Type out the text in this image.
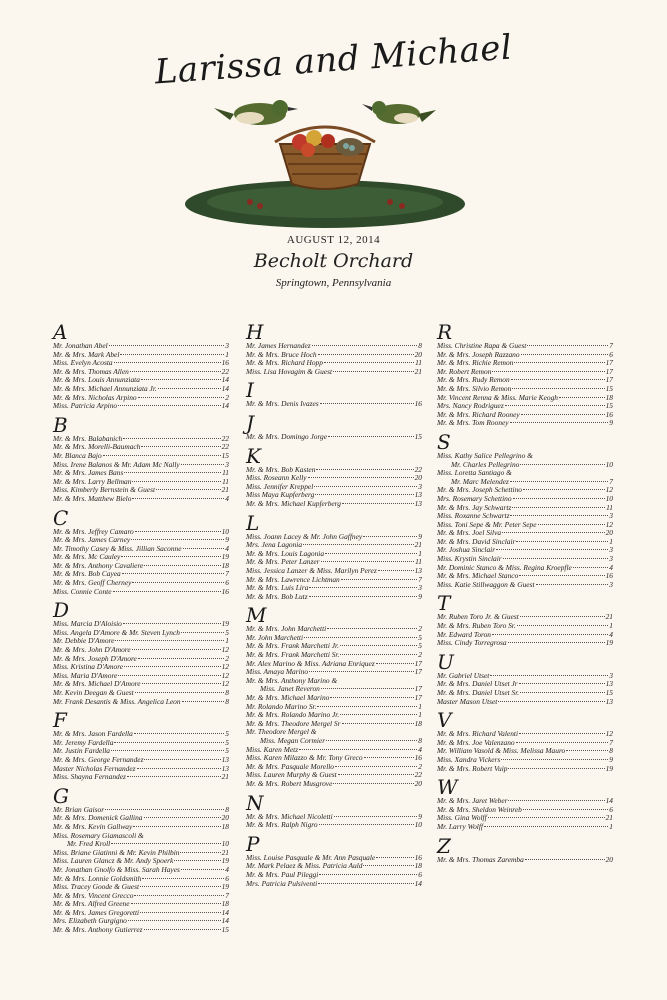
Larissa and Michael
AUGUST 12, 2014
Becholt Orchard
Springtown, Pennsylvania
A
Mr. Jonathan Abel	3
Mr. & Mrs. Mark Abel	1
Miss. Evelyn Acosta	16
Mr. & Mrs. Thomas Allen	22
Mr. & Mrs. Louis Annunziata	14
Mr. & Mrs. Michael Annunziata Jr.	14
Mr. & Mrs. Nicholas Arpino	2
Miss. Patricia Arpino	14
B
Mr. & Mrs. Balabanich	22
Mr. & Mrs. Morelli-Baumach	22
Mr. Blanca Bajo	15
Miss. Irene Balanos & Mr. Adam Mc Nally	3
Mr. & Mrs. James Bans	11
Mr. & Mrs. Larry Bellman	11
Miss. Kimberly Bernstein & Guest	21
Mr. & Mrs. Matthew Bielo	4
C
Mr. & Mrs. Jeffrey Camaro	10
Mr. & Mrs. James Carney	9
Mr. Timothy Casey & Miss. Jillian Saconne	4
Mr. & Mrs. Mc Cauley	19
Mr. & Mrs. Anthony Cavaliere	18
Mr. & Mrs. Bob Cayea	7
Mr. & Mrs. Geoff Cherney	6
Miss. Connie Conte	16
D
Miss. Marcia D'Aloisio	19
Miss. Angela D'Amore & Mr. Steven Lynch	5
Mr. Debbie D'Amore	1
Mr. & Mrs. John D'Amore	12
Mr. & Mrs. Joseph D'Amore	2
Miss. Kristina D'Amore	12
Miss. Maria D'Amore	12
Mr. & Mrs. Michael D'Amore	12
Mr. Kevin Deegan & Guest	8
Mr. Frank Desantis & Miss. Angelica Leon	8
F
Mr. & Mrs. Jason Fardella	5
Mr. Jeremy Fardella	5
Mr. Justin Fardella	5
Mr. & Mrs. George Fernandez	13
Master Nicholas Fernandez	13
Miss. Shayna Fernandez	21
G
Mr. Brian Gaisor	8
Mr. & Mrs. Domenick Gallina	20
Mr. & Mrs. Kevin Gallway	18
Miss. Rosemary Giamascoli &
Mr. Fred Kroll	10
Miss. Briane Giatinni & Mr. Kevin Philbin	21
Miss. Lauren Glancz & Mr. Andy Spoerk	19
Mr. Jonathan Gnolfo & Miss. Sarah Hayes	4
Mr. & Mrs. Lonnie Goldsmith	6
Miss. Tracey Goode & Guest	19
Mr. & Mrs. Vincent Grecco	7
Mr. & Mrs. Alfred Greene	18
Mr. & Mrs. James Gregoretti	14
Mrs. Elizabeth Gurgigno	14
Mr. & Mrs. Anthony Gutierrez	15
H
Mr. James Hernandez	8
Mr. & Mrs. Bruce Hoch	20
Mr. & Mrs. Richard Hopp	11
Miss. Lisa Hovagim & Guest	21
I
Mr. & Mrs. Denis Ivazes	16
J
Mr. & Mrs. Domingo Jorge	15
K
Mr. & Mrs. Bob Kasten	22
Miss. Roseann Kelly	20
Miss. Jennifer Kreppel	3
Miss Maya Kupferberg	13
Mr. & Mrs. Michael Kupferberg	13
L
Miss. Joann Lacey & Mr. John Gaffney	9
Mrs. Jena Lagonia	21
Mr. & Mrs. Louis Lagonia	1
Mr. & Mrs. Peter Lanzer	11
Miss. Jessica Lanzer & Miss. Marilyn Perez	13
Mr. & Mrs. Lawrence Lichtman	7
Mr. & Mrs. Luis Lira	3
Mr. & Mrs. Bob Lutz	9
M
Mr. & Mrs. John Marchetti	2
Mr. John Marchetti	5
Mr. & Mrs. Frank Marchetti Jr.	5
Mr. & Mrs. Frank Marchetti Sr.	2
Mr. Alex Marino & Miss. Adriana Enriquez	17
Miss. Amaya Marino	17
Mr. & Mrs. Anthony Marino &
Miss. Janet Reveron	17
Mr. & Mrs. Michael Marino	17
Mr. Rolando Marino Sr.	1
Mr. & Mrs. Rolando Marino Jr.	1
Mr. & Mrs. Theodore Mergel Sr	18
Mr. Theodore Mergel &
Miss. Megan Cormier	8
Miss. Karen Metz	4
Miss. Karen Milazzo & Mr. Tony Greco	16
Mr. & Mrs. Pasquale Morello	2
Miss. Lauren Murphy & Guest	22
Mr. & Mrs. Robert Musgrove	20
N
Mr. & Mrs. Michael Nicoletti	9
Mr. & Mrs. Ralph Nigro	10
P
Miss. Louise Pasquale & Mr. Ann Pasquale	16
Mr. Mark Pelaez & Miss. Patricia Auld	18
Mr. & Mrs. Paul Pileggi	6
Mrs. Patricia Pulsiventi	14
R
Miss. Christine Rapa & Guest	7
Mr. & Mrs. Joseph Razzano	6
Mr. & Mrs. Richie Remon	17
Mr. Robert Remon	17
Mr. & Mrs. Rudy Remon	17
Mr. & Mrs. Silvio Remon	15
Mr. Vincent Renna & Miss. Marie Keogh	18
Mrs. Nancy Rodriguez	15
Mr. & Mrs. Richard Rooney	16
Mr. & Mrs. Tom Rooney	9
S
Miss. Kathy Salice Pellegrino &
Mr. Charles Pellegrino	10
Miss. Loretta Santiago &
Mr. Marc Melendez	7
Mr. & Mrs. Joseph Schettino	12
Mrs. Rosemary Schettino	10
Mr. & Mrs. Jay Schwartz	11
Miss. Roxanne Schwartz	3
Miss. Toni Sepe & Mr. Peter Sepe	12
Mr. & Mrs. Joel Silva	20
Mr. & Mrs. David Sinclair	1
Mr. Joshua Sinclair	3
Miss. Krystin Sinclair	3
Mr. Dominic Stanco & Miss. Regina Kroepfle	4
Mr. & Mrs. Michael Stanco	16
Miss. Katie Stillwaggon & Guest	3
T
Mr. Ruben Toro Jr. & Guest	21
Mr. & Mrs. Ruben Toro Sr.	1
Mr. Edward Toron	4
Miss. Cindy Torregrosa	19
U
Mr. Gabriel Utset	3
Mr. & Mrs. Daniel Utset Jr	13
Mr. & Mrs. Daniel Utset Sr.	15
Master Mason Utset	13
V
Mr. & Mrs. Richard Valenti	12
Mr. & Mrs. Joe Valenzano	7
Mr. William Vasold & Miss. Melissa Mauro	8
Miss. Xandra Vickers	9
Mr. & Mrs. Robert Vuip	19
W
Mr. & Mrs. Jaret Weber	14
Mr. & Mrs. Sheldon Weinreb	6
Miss. Gina Wolff	21
Mr. Larry Wolff	1
Z
Mr. & Mrs. Thomas Zaremba	20
